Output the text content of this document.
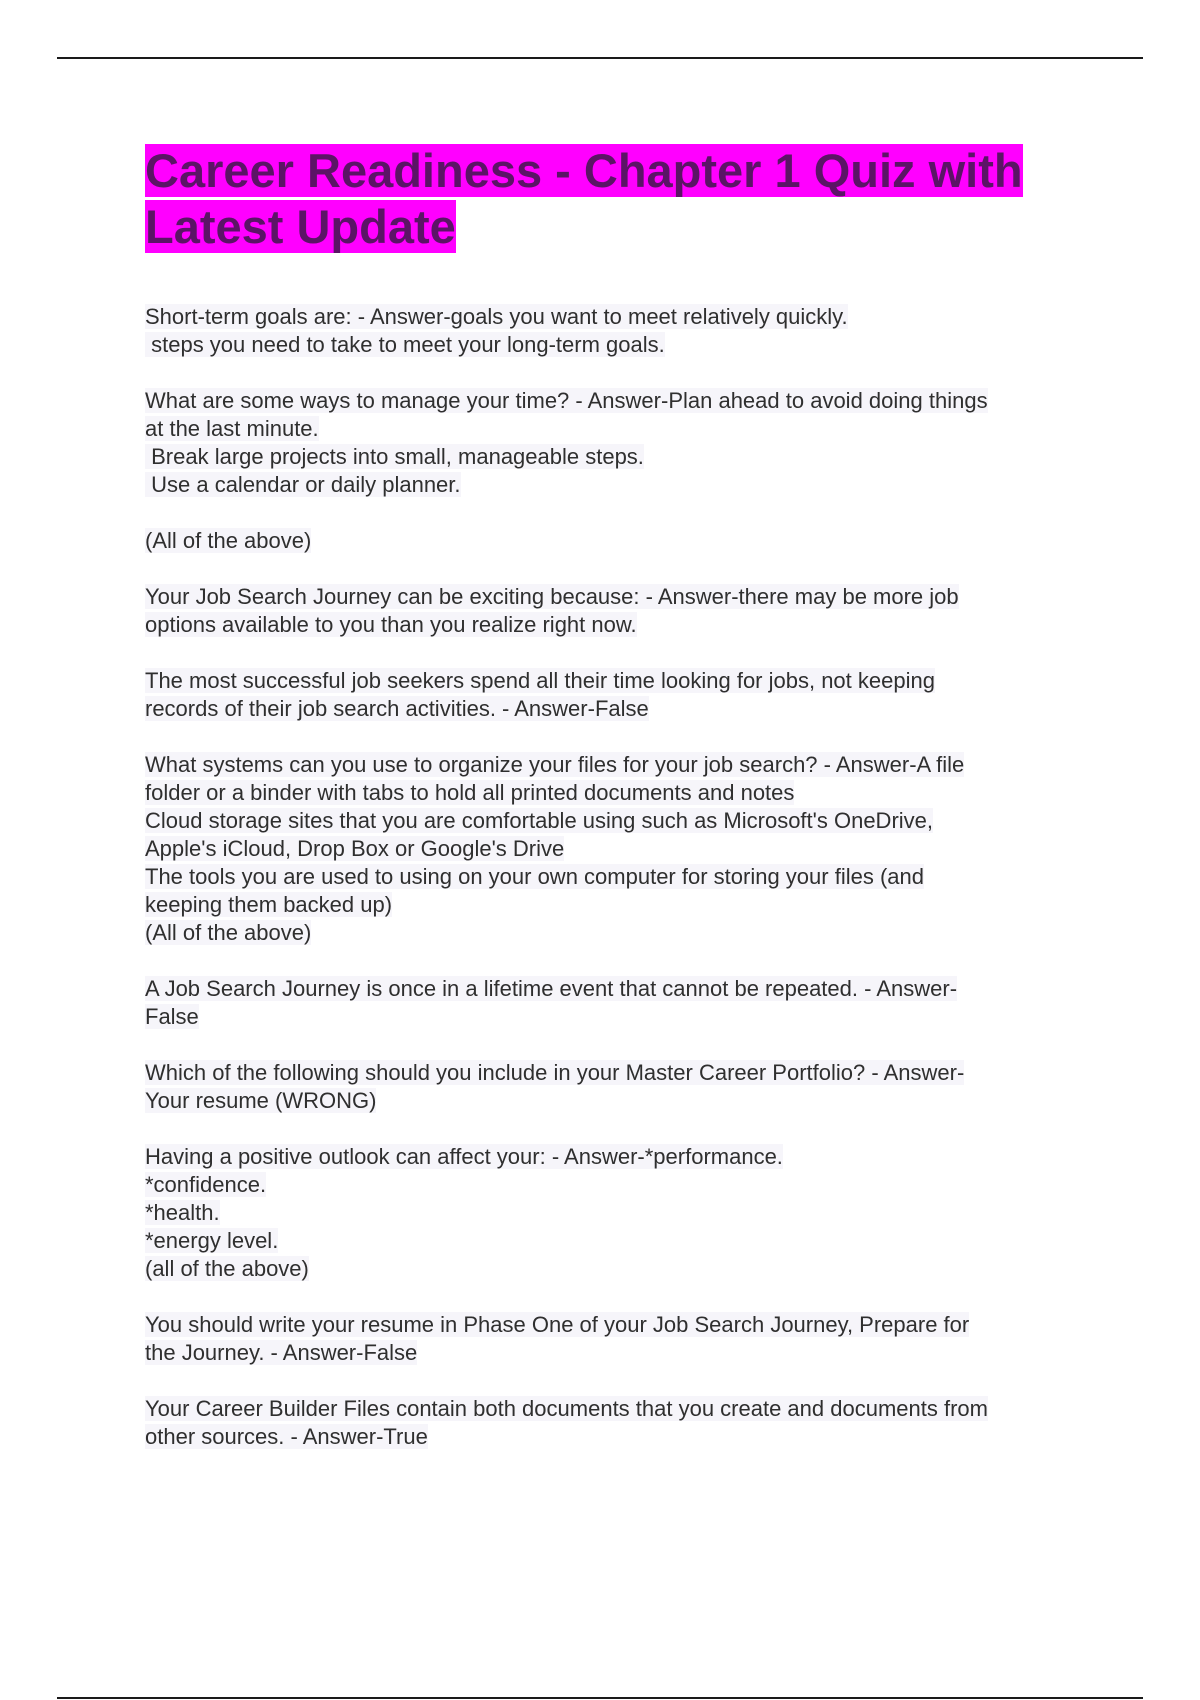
Career Readiness - Chapter 1 Quiz with
Latest Update
Short-term goals are: - Answer-goals you want to meet relatively quickly.
steps you need to take to meet your long-term goals.
What are some ways to manage your time? - Answer-Plan ahead to avoid doing things
at the last minute.
Break large projects into small, manageable steps.
Use a calendar or daily planner.
(All of the above)
Your Job Search Journey can be exciting because: - Answer-there may be more job
options available to you than you realize right now.
The most successful job seekers spend all their time looking for jobs, not keeping
records of their job search activities. - Answer-False
What systems can you use to organize your files for your job search? - Answer-A file
folder or a binder with tabs to hold all printed documents and notes
Cloud storage sites that you are comfortable using such as Microsoft's OneDrive,
Apple's iCloud, Drop Box or Google's Drive
The tools you are used to using on your own computer for storing your files (and
keeping them backed up)
(All of the above)
A Job Search Journey is once in a lifetime event that cannot be repeated. - Answer-
False
Which of the following should you include in your Master Career Portfolio? - Answer-
Your resume (WRONG)
Having a positive outlook can affect your: - Answer-*performance.
*confidence.
*health.
*energy level.
(all of the above)
You should write your resume in Phase One of your Job Search Journey, Prepare for
the Journey. - Answer-False
Your Career Builder Files contain both documents that you create and documents from
other sources. - Answer-True
